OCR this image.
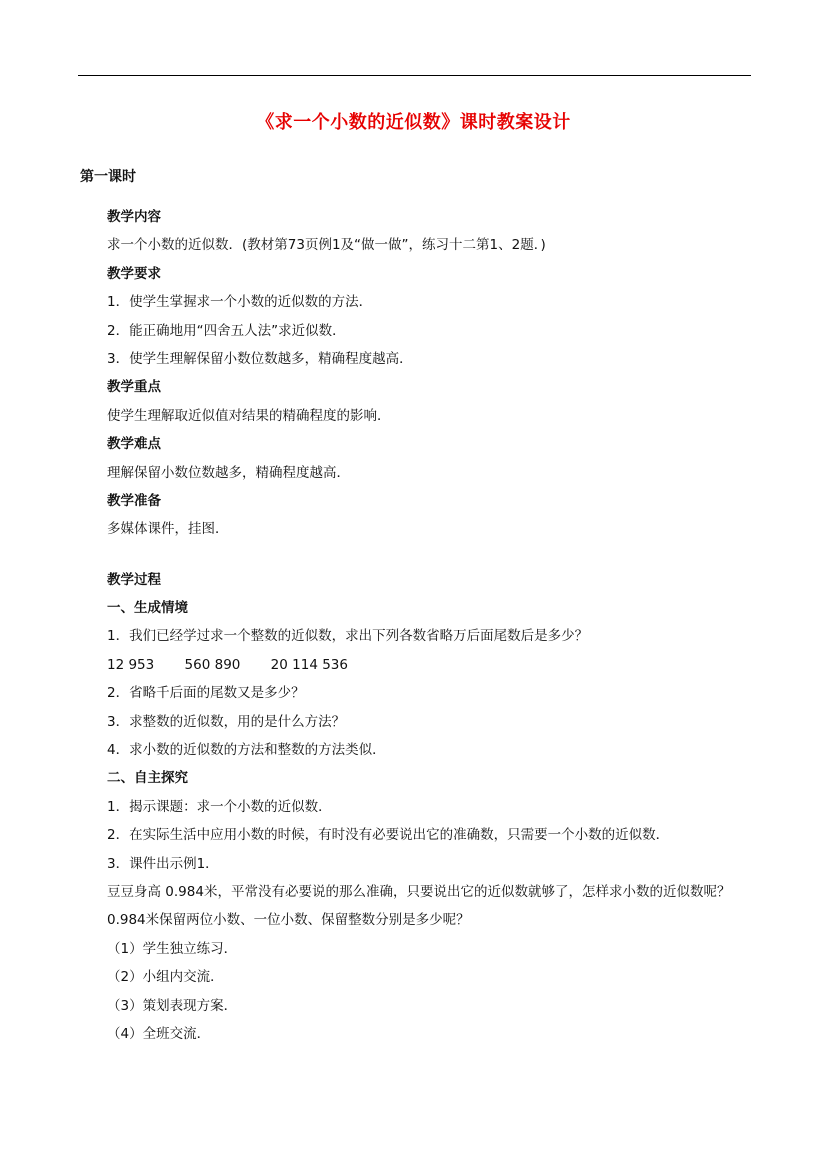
《求一个小数的近似数》课时教案设计
第一课时
教学内容
求一个小数的近似数．(教材第73页例1及“做一做”，练习十二第1、2题．)
教学要求
1．使学生掌握求一个小数的近似数的方法．
2．能正确地用“四舍五人法”求近似数．
3．使学生理解保留小数位数越多，精确程度越高．
教学重点
使学生理解取近似值对结果的精确程度的影响．
教学难点
理解保留小数位数越多，精确程度越高．
教学准备
多媒体课件，挂图．
教学过程
一、生成情境
1．我们已经学过求一个整数的近似数，求出下列各数省略万后面尾数后是多少？
12 953 560 890 20 114 536
2．省略千后面的尾数又是多少？
3．求整数的近似数，用的是什么方法？
4．求小数的近似数的方法和整数的方法类似．
二、自主探究
1．揭示课题：求一个小数的近似数．
2．在实际生活中应用小数的时候，有时没有必要说出它的准确数，只需要一个小数的近似数．
3．课件出示例1．
豆豆身高 0.984米，平常没有必要说的那么准确，只要说出它的近似数就够了，怎样求小数的近似数呢？
0.984米保留两位小数、一位小数、保留整数分别是多少呢？
（1）学生独立练习．
（2）小组内交流．
（3）策划表现方案．
（4）全班交流．
